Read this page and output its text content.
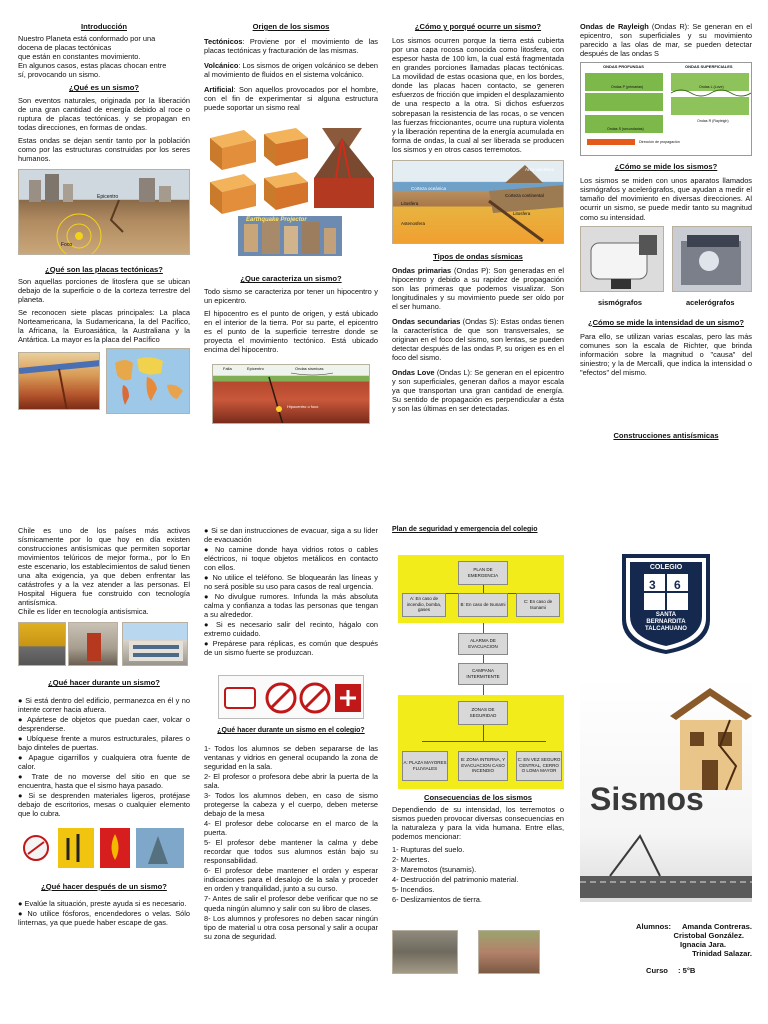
Introducción
Nuestro Planeta está conformado por una
docena de placas tectónicas
que están en constantes movimiento.
En algunos casos, estas placas chocan entre
sí, provocando un sismo.
¿Qué es un sismo?

Son eventos naturales, originada por la liberación de una gran cantidad de energía debido al roce o ruptura de placas tectónicas. y se propagan en todas direcciones, en formas de ondas.

Estas ondas se dejan sentir tanto por la población como por las estructuras construidas por los seres humanos.

Epicentro
Foco
¿Qué son las placas tectónicas?

Son aquellas porciones de litosfera que se ubican debajo de la superficie o de la corteza terrestre del planeta.

Se reconocen siete placas principales: La placa Norteamericana, la Sudamericana, la del Pacífico, la Africana, la Euroasiática, la Australiana y la Antártica. La mayor es la placa del Pacífico

Origen de los sismos

Tectónicos: Proviene por el movimiento de las placas tectónicas y fracturación de las mismas.

Volcánico: Los sismos de origen volcánico se deben al movimiento de fluidos en el sistema volcánico.

Artificial: Son aquellos provocados por el hombre, con el fin de experimentar si alguna estructura puede soportar un sismo real

Earthquake Projector
¿Que caracteriza un sismo?

Todo sismo se caracteriza por tener un hipocentro y un epicentro.

El hipocentro es el punto de origen, y está ubicado en el interior de la tierra. Por su parte, el epicentro es el punto de la superficie terrestre donde se proyecta el movimiento tectónico. Está ubicado encima del hipocentro.

Falla	Epicentro	Ondas sísmicas
Hipocentro o foco
¿Cómo y porqué ocurre un sismo?

Los sismos ocurren porque la tierra está cubierta por una capa rocosa conocida como litosfera, con espesor hasta de 100 km, la cual está fragmentada en grandes porciones llamadas placas tectónicas. La movilidad de estas ocasiona que, en los bordes, donde las placas hacen contacto, se generen esfuerzos de fricción que impiden el desplazamiento de una respecto a la otra. Si dichos esfuerzos sobrepasan la resistencia de las rocas, o se vencen las fuerzas friccionantes, ocurre una ruptura violenta y la liberación repentina de la energía acumulada en forma de ondas, la cual al ser liberada se producen los sismos y en otros casos terremotos.

Corteza oceánica
Litosfera
Astenosfera
Litosfera
Corteza continental
Arco volcánico
Tipos de ondas sísmicas

Ondas primarias (Ondas P): Son generadas en el hipocentro y debido a su rapidez de propagación son las primeras que podemos visualizar. Son longitudinales y su movimiento puede ser oído por el ser humano.

Ondas secundarias (Ondas S): Estas ondas tienen la característica de que son transversales, se originan en el foco del sismo, son lentas, se pueden detectar después de las ondas P, su origen es en el foco del sismo.

Ondas Love (Ondas L): Se generan en el epicentro y son superficiales, generan daños a mayor escala ya que transportan una gran cantidad de energía. Su sentido de propagación es perpendicular a ésta y son las últimas en ser detectadas.

Ondas de Rayleigh (Ondas R): Se generan en el epicentro, son superficiales y su movimiento parecido a las olas de mar, se pueden detectar después de las ondas S

ONDAS PROFUNDAS	ONDAS SUPERFICIALES
Ondas P (primarias)
Ondas S (secundarias)
Ondas L (Love)
Ondas R (Rayleigh)
Dirección de propagación
¿Cómo se mide los sismos?

Los sismos se miden con unos aparatos llamados sismógrafos y acelerógrafos, que ayudan a medir el tamaño del movimiento en diversas direcciones. Al ocurrir un sismo, se puede medir tanto su magnitud como su intensidad.

sismógrafos	acelerógrafos
¿Cómo se mide la intensidad de un sismo?

Para ello, se utilizan varias escalas, pero las más comunes son la escala de Richter, que brinda información sobre la magnitud o "causa" del siniestro; y la de Mercalli, que indica la intensidad o "efectos" del mismo.

Construcciones antisísmicas

Chile es uno de los países más activos sísmicamente por lo que hoy en día existen construcciones antisísmicas que permiten soportar movimientos telúricos de mejor forma., por lo En este escenario, los establecimientos de salud tienen una alta exigencia, ya que deben enfrentar las catástrofes y a la vez atender a las personas. El Hospital Higuera fue construido con tecnología antisísmica.

Chile es líder en tecnología antisísmica.

¿Qué hacer durante un sismo?
● Si está dentro del edificio, permanezca en él y no intente correr hacia afuera.
● Apártese de objetos que puedan caer, volcar o desprenderse.
● Ubíquese frente a muros estructurales, pilares o bajo dinteles de puertas.
● Apague cigarrillos y cualquiera otra fuente de calor.
● Trate de no moverse del sitio en que se encuentra, hasta que el sismo haya pasado.
● Si se desprenden materiales ligeros, protéjase debajo de escritorios, mesas o cualquier elemento que lo cubra.
¿Qué hacer después de un sismo?
● Evalúe la situación, preste ayuda si es necesario.
● No utilice fósforos, encendedores o velas. Sólo linternas, ya que puede haber escape de gas.
● Si se dan instrucciones de evacuar, siga a su líder de evacuación
● No camine donde haya vidrios rotos o cables eléctricos, ni toque objetos metálicos en contacto con ellos.
● No utilice el teléfono. Se bloquearán las líneas y no será posible su uso para casos de real urgencia.
● No divulgue rumores. Infunda la más absoluta calma y confianza a todas las personas que tengan a su alrededor.
● Si es necesario salir del recinto, hágalo con extremo cuidado.
● Prepárese para réplicas, es común que después de un sismo fuerte se produzcan.
¿Qué hacer durante un sismo en el colegio?
1- Todos los alumnos se deben separarse de las ventanas y vidrios en general ocupando la zona de seguridad en la sala.
2- El profesor o profesora debe abrir la puerta de la sala.
3- Todos los alumnos deben, en caso de sismo protegerse la cabeza y el cuerpo, deben meterse debajo de la mesa
4- El profesor debe colocarse en el marco de la puerta.
5- El profesor debe mantener la calma y debe recordar que todos sus alumnos están bajo su responsabilidad.
6- El profesor debe mantener el orden y esperar indicaciones para el desalojo de la sala y proceder en orden y tranquilidad, junto a su curso.
7- Antes de salir el profesor debe verificar que no se queda ningún alumno y salir con su libro de clases.
8- Los alumnos y profesores no deben sacar ningún tipo de material u otra cosa personal y salir a ocupar su zona de seguridad.
Plan de seguridad y emergencia del colegio
PLAN DE EMERGENCIA
A: En caso de incendio, bomba, gases
B: En caso de tsunami
C: En caso de tsunami
ALARMA DE EVACUACION
CAMPANA INTERMITENTE
ZONAS DE SEGURIDAD
A: PLAZA MAYORES FLUVIALES
B: ZONA INTERNA, Y EVACUACION CASO INCENDIO
C: EN VEZ SEGURO CENTRAL, CERRO O LOMA MAYOR
Consecuencias de los sismos

Dependiendo de su intensidad, los terremotos o sismos pueden provocar diversas consecuencias en la naturaleza y para la vida humana. Entre ellas, podemos mencionar:

1- Rupturas del suelo.
2- Muertes.
3- Maremotos (tsunamis).
4- Destrucción del patrimonio material.
5- Incendios.
6- Deslizamientos de tierra.
COLEGIO
3 6
SANTA
BERNARDITA
TALCAHUANO
Sismos
Alumnos: Amanda Contreras.
Cristobal González.
Ignacia Jara.
Trinidad Salazar.
Curso : 5°B
